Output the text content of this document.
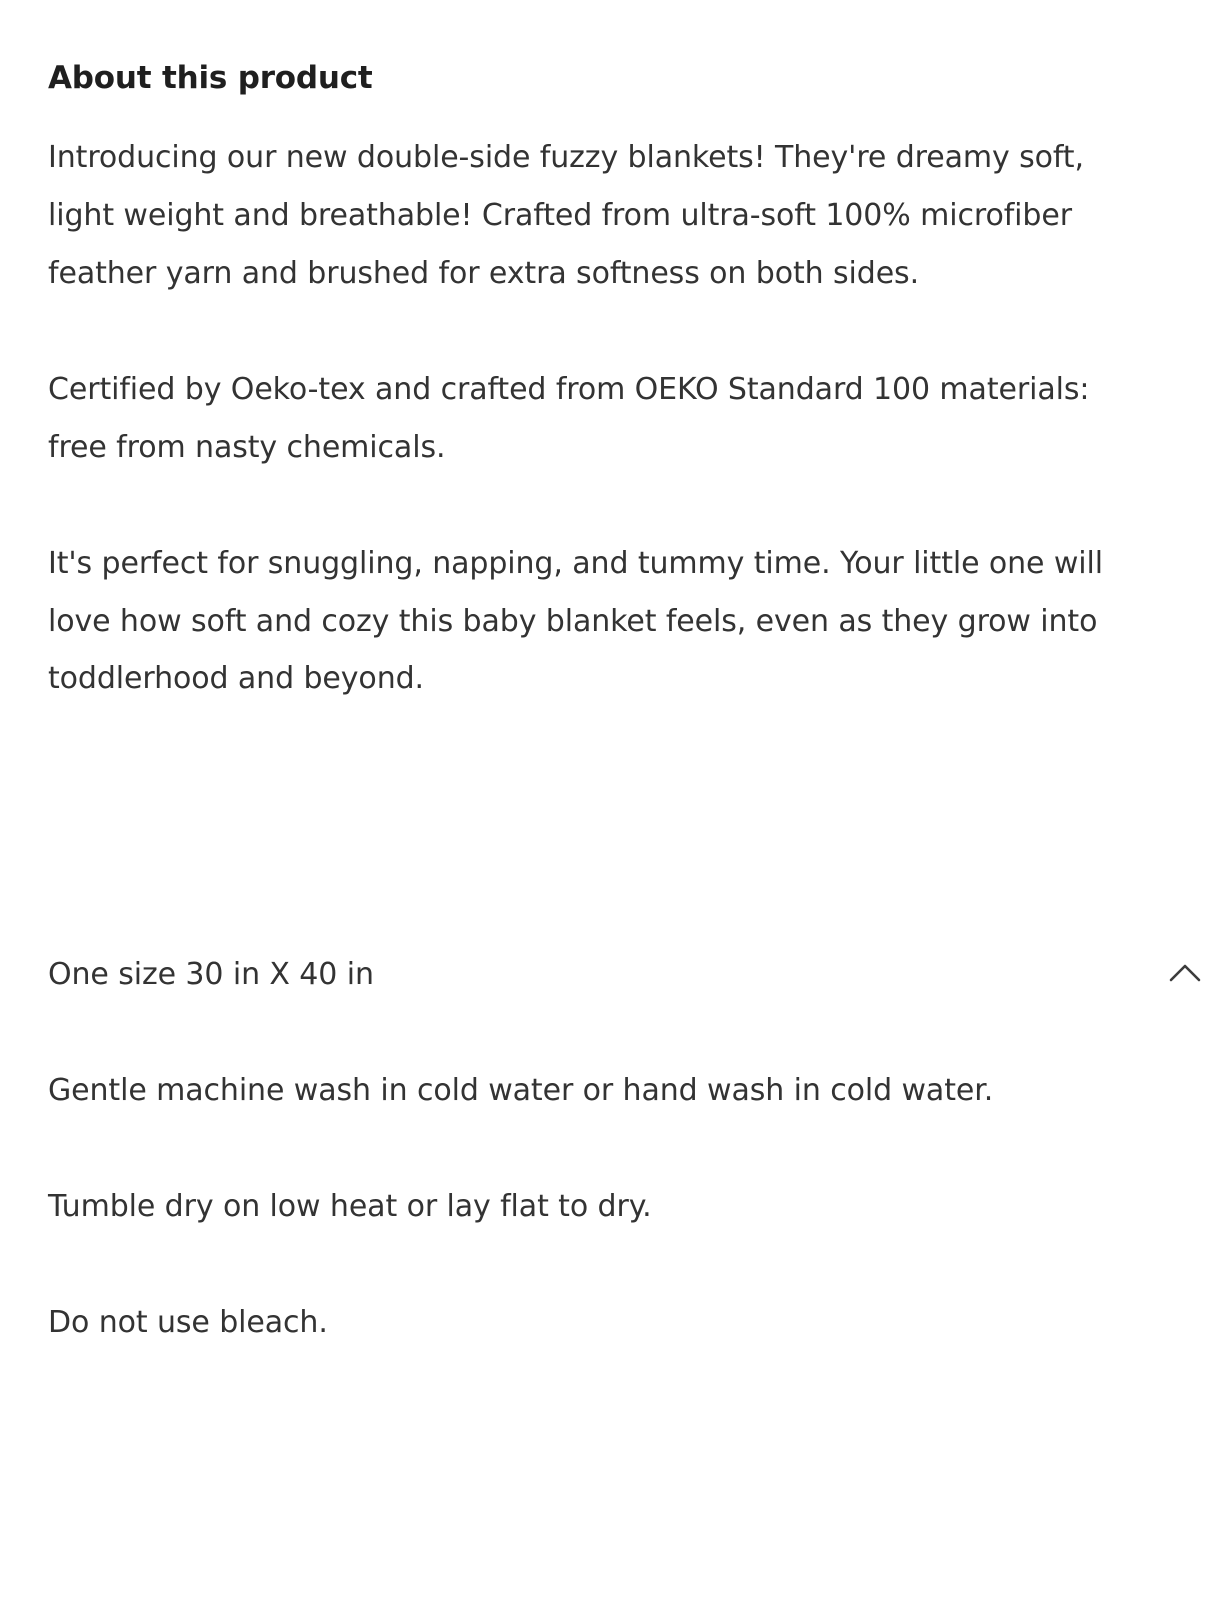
About this product

Introducing our new double-side fuzzy blankets! They're dreamy soft, light weight and breathable! Crafted from ultra-soft 100% microfiber feather yarn and brushed for extra softness on both sides.

Certified by Oeko-tex and crafted from OEKO Standard 100 materials: free from nasty chemicals.

It's perfect for snuggling, napping, and tummy time. Your little one will love how soft and cozy this baby blanket feels, even as they grow into toddlerhood and beyond.

One size 30 in X 40 in

Gentle machine wash in cold water or hand wash in cold water.

Tumble dry on low heat or lay flat to dry.

Do not use bleach.
